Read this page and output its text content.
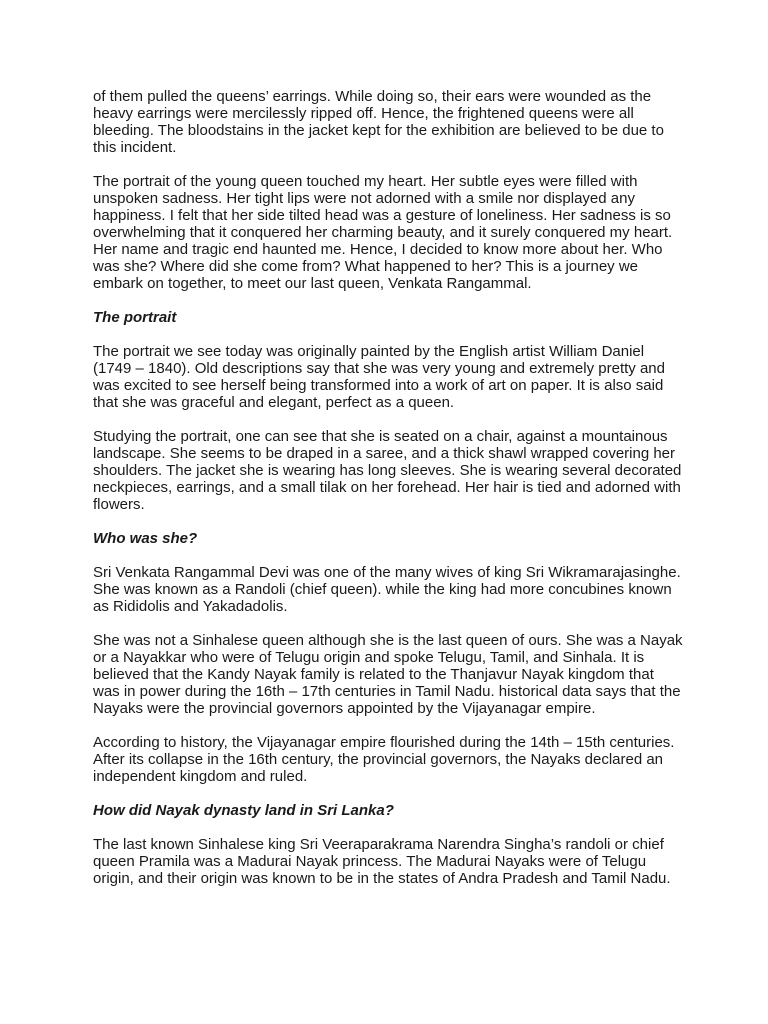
of them pulled the queens’ earrings. While doing so, their ears were wounded as the heavy earrings were mercilessly ripped off. Hence, the frightened queens were all bleeding. The bloodstains in the jacket kept for the exhibition are believed to be due to this incident.

The portrait of the young queen touched my heart. Her subtle eyes were filled with unspoken sadness. Her tight lips were not adorned with a smile nor displayed any happiness. I felt that her side tilted head was a gesture of loneliness. Her sadness is so overwhelming that it conquered her charming beauty, and it surely conquered my heart. Her name and tragic end haunted me. Hence, I decided to know more about her. Who was she? Where did she come from? What happened to her? This is a journey we embark on together, to meet our last queen, Venkata Rangammal.

The portrait

The portrait we see today was originally painted by the English artist William Daniel (1749 – 1840). Old descriptions say that she was very young and extremely pretty and was excited to see herself being transformed into a work of art on paper. It is also said that she was graceful and elegant, perfect as a queen.

Studying the portrait, one can see that she is seated on a chair, against a mountainous landscape. She seems to be draped in a saree, and a thick shawl wrapped covering her shoulders. The jacket she is wearing has long sleeves. She is wearing several decorated neckpieces, earrings, and a small tilak on her forehead. Her hair is tied and adorned with flowers.

Who was she?

Sri Venkata Rangammal Devi was one of the many wives of king Sri Wikramarajasinghe. She was known as a Randoli (chief queen). while the king had more concubines known as Rididolis and Yakadadolis.

She was not a Sinhalese queen although she is the last queen of ours. She was a Nayak or a Nayakkar who were of Telugu origin and spoke Telugu, Tamil, and Sinhala. It is believed that the Kandy Nayak family is related to the Thanjavur Nayak kingdom that was in power during the 16th – 17th centuries in Tamil Nadu. historical data says that the Nayaks were the provincial governors appointed by the Vijayanagar empire.

According to history, the Vijayanagar empire flourished during the 14th – 15th centuries. After its collapse in the 16th century, the provincial governors, the Nayaks declared an independent kingdom and ruled.

How did Nayak dynasty land in Sri Lanka?

The last known Sinhalese king Sri Veeraparakrama Narendra Singha’s randoli or chief queen Pramila was a Madurai Nayak princess. The Madurai Nayaks were of Telugu origin, and their origin was known to be in the states of Andra Pradesh and Tamil Nadu.
